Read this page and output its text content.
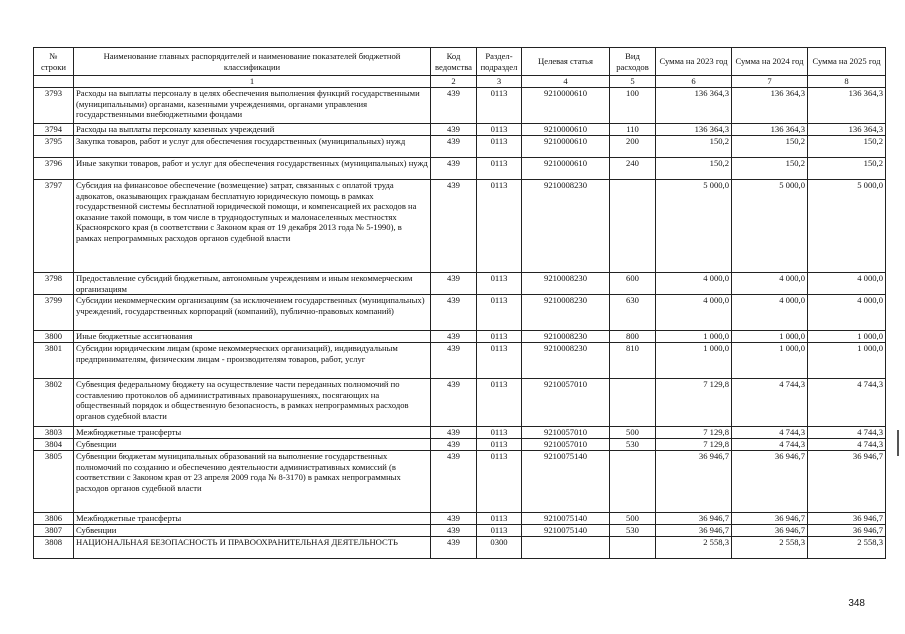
№ строки	Наименование главных распорядителей и наименование показателей бюджетной классификации	Код ведомства	Раздел-подраздел	Целевая статья	Вид расходов	Сумма на 2023 год	Сумма на 2024 год	Сумма на 2025 год
	1	2	3	4	5	6	7	8
3793	Расходы на выплаты персоналу в целях обеспечения выполнения функций государственными (муниципальными) органами, казенными учреждениями, органами управления государственными внебюджетными фондами	439	0113	9210000610	100	136 364,3	136 364,3	136 364,3
3794	Расходы на выплаты персоналу казенных учреждений	439	0113	9210000610	110	136 364,3	136 364,3	136 364,3
3795	Закупка товаров, работ и услуг для обеспечения государственных (муниципальных) нужд	439	0113	9210000610	200	150,2	150,2	150,2
3796	Иные закупки товаров, работ и услуг для обеспечения государственных (муниципальных) нужд	439	0113	9210000610	240	150,2	150,2	150,2
3797	Субсидия на финансовое обеспечение (возмещение) затрат, связанных с оплатой труда адвокатов, оказывающих гражданам бесплатную юридическую помощь в рамках государственной системы бесплатной юридической помощи, и компенсацией их расходов на оказание такой помощи, в том числе в труднодоступных и малонаселенных местностях Красноярского края (в соответствии с Законом края от 19 декабря 2013 года № 5-1990), в рамках непрограммных расходов органов судебной власти	439	0113	9210008230		5 000,0	5 000,0	5 000,0
3798	Предоставление субсидий бюджетным, автономным учреждениям и иным некоммерческим организациям	439	0113	9210008230	600	4 000,0	4 000,0	4 000,0
3799	Субсидии некоммерческим организациям (за исключением государственных (муниципальных) учреждений, государственных корпораций (компаний), публично-правовых компаний)	439	0113	9210008230	630	4 000,0	4 000,0	4 000,0
3800	Иные бюджетные ассигнования	439	0113	9210008230	800	1 000,0	1 000,0	1 000,0
3801	Субсидии юридическим лицам (кроме некоммерческих организаций), индивидуальным предпринимателям, физическим лицам - производителям товаров, работ, услуг	439	0113	9210008230	810	1 000,0	1 000,0	1 000,0
3802	Субвенция федеральному бюджету на осуществление части переданных полномочий по составлению протоколов об административных правонарушениях, посягающих на общественный порядок и общественную безопасность, в рамках непрограммных расходов органов судебной власти	439	0113	9210057010		7 129,8	4 744,3	4 744,3
3803	Межбюджетные трансферты	439	0113	9210057010	500	7 129,8	4 744,3	4 744,3
3804	Субвенции	439	0113	9210057010	530	7 129,8	4 744,3	4 744,3
3805	Субвенции бюджетам муниципальных образований на выполнение государственных полномочий по созданию и обеспечению деятельности административных комиссий (в соответствии с Законом края от 23 апреля 2009 года № 8-3170) в рамках непрограммных расходов органов судебной власти	439	0113	9210075140		36 946,7	36 946,7	36 946,7
3806	Межбюджетные трансферты	439	0113	9210075140	500	36 946,7	36 946,7	36 946,7
3807	Субвенции	439	0113	9210075140	530	36 946,7	36 946,7	36 946,7
3808	НАЦИОНАЛЬНАЯ БЕЗОПАСНОСТЬ И ПРАВООХРАНИТЕЛЬНАЯ ДЕЯТЕЛЬНОСТЬ	439	0300			2 558,3	2 558,3	2 558,3
348
